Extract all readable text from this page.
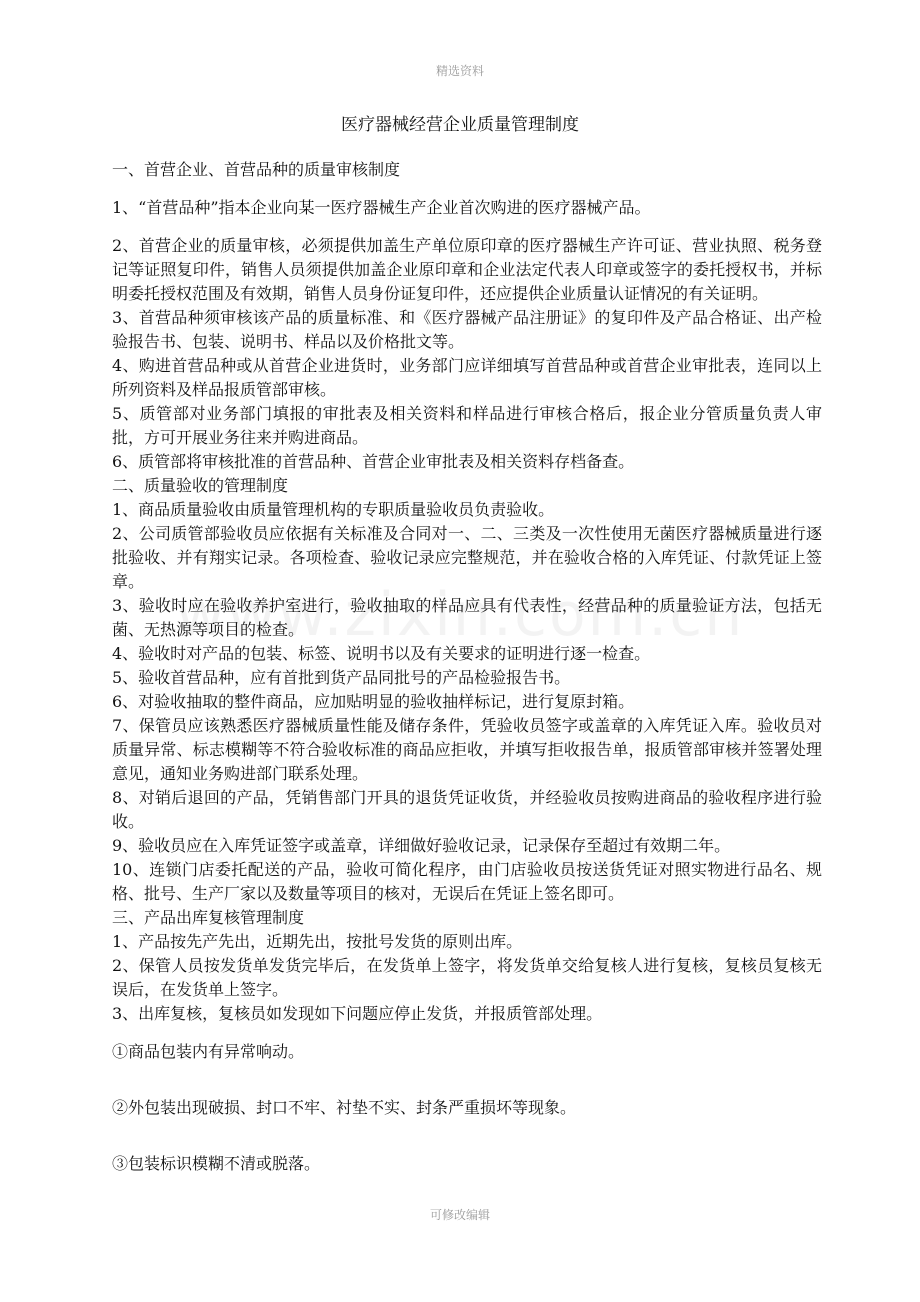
精选资料
医疗器械经营企业质量管理制度

一、首营企业、首营品种的质量审核制度

1、“首营品种”指本企业向某一医疗器械生产企业首次购进的医疗器械产品。

2、首营企业的质量审核，必须提供加盖生产单位原印章的医疗器械生产许可证、营业执照、税务登记等证照复印件，销售人员须提供加盖企业原印章和企业法定代表人印章或签字的委托授权书，并标明委托授权范围及有效期，销售人员身份证复印件，还应提供企业质量认证情况的有关证明。

3、首营品种须审核该产品的质量标准、和《医疗器械产品注册证》的复印件及产品合格证、出产检验报告书、包装、说明书、样品以及价格批文等。

4、购进首营品种或从首营企业进货时，业务部门应详细填写首营品种或首营企业审批表，连同以上所列资料及样品报质管部审核。

5、质管部对业务部门填报的审批表及相关资料和样品进行审核合格后，报企业分管质量负责人审批，方可开展业务往来并购进商品。

6、质管部将审核批准的首营品种、首营企业审批表及相关资料存档备查。

二、质量验收的管理制度

1、商品质量验收由质量管理机构的专职质量验收员负责验收。

2、公司质管部验收员应依据有关标准及合同对一、二、三类及一次性使用无菌医疗器械质量进行逐批验收、并有翔实记录。各项检查、验收记录应完整规范，并在验收合格的入库凭证、付款凭证上签章。

3、验收时应在验收养护室进行，验收抽取的样品应具有代表性，经营品种的质量验证方法，包括无菌、无热源等项目的检查。

4、验收时对产品的包装、标签、说明书以及有关要求的证明进行逐一检查。

5、验收首营品种，应有首批到货产品同批号的产品检验报告书。

6、对验收抽取的整件商品，应加贴明显的验收抽样标记，进行复原封箱。

7、保管员应该熟悉医疗器械质量性能及储存条件，凭验收员签字或盖章的入库凭证入库。验收员对质量异常、标志模糊等不符合验收标准的商品应拒收，并填写拒收报告单，报质管部审核并签署处理意见，通知业务购进部门联系处理。

8、对销后退回的产品，凭销售部门开具的退货凭证收货，并经验收员按购进商品的验收程序进行验收。

9、验收员应在入库凭证签字或盖章，详细做好验收记录，记录保存至超过有效期二年。

10、连锁门店委托配送的产品，验收可简化程序，由门店验收员按送货凭证对照实物进行品名、规格、批号、生产厂家以及数量等项目的核对，无误后在凭证上签名即可。

三、产品出库复核管理制度

1、产品按先产先出，近期先出，按批号发货的原则出库。

2、保管人员按发货单发货完毕后，在发货单上签字，将发货单交给复核人进行复核，复核员复核无误后，在发货单上签字。

3、出库复核，复核员如发现如下问题应停止发货，并报质管部处理。

①商品包装内有异常响动。

②外包装出现破损、封口不牢、衬垫不实、封条严重损坏等现象。

③包装标识模糊不清或脱落。

可修改编辑
